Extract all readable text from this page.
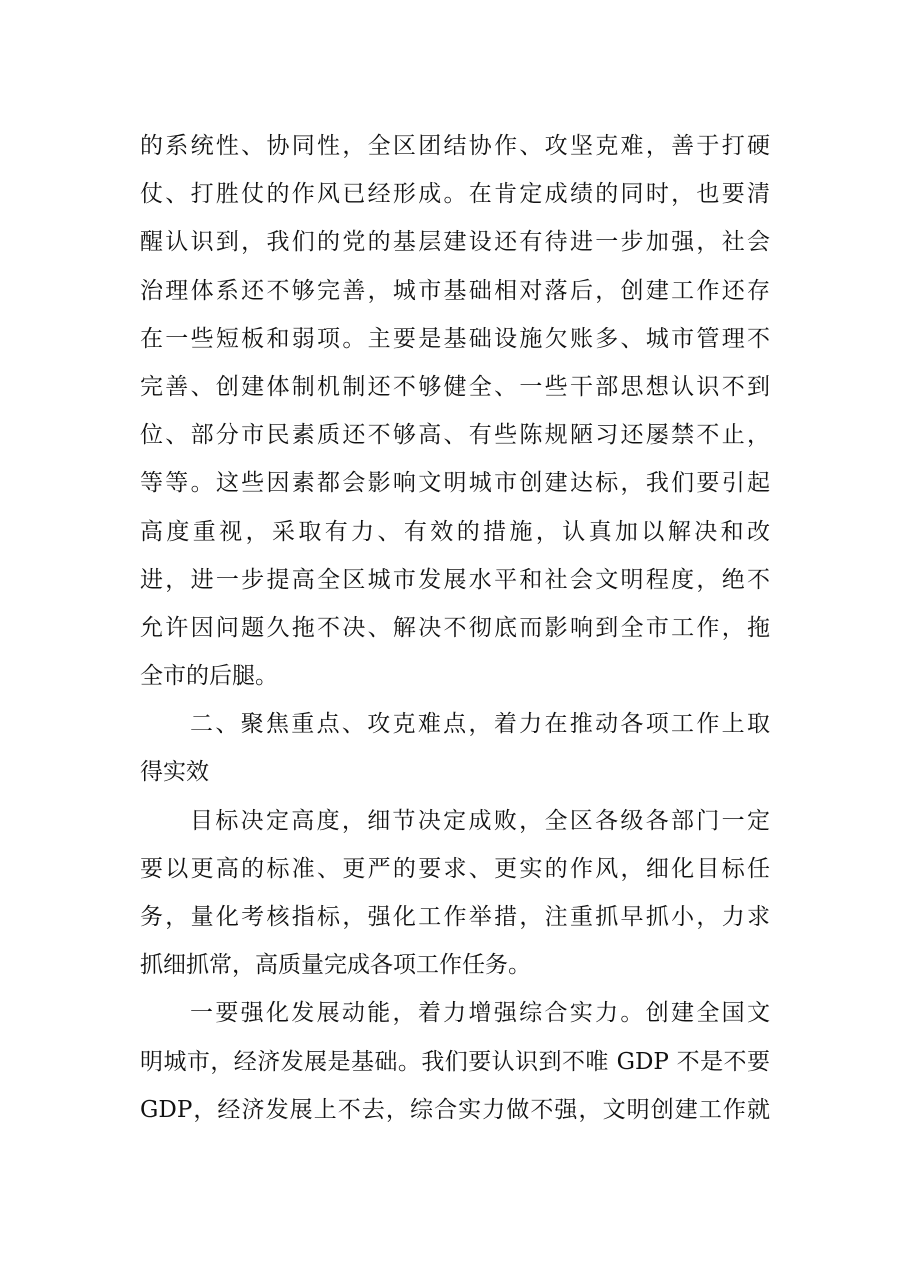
的系统性、协同性，全区团结协作、攻坚克难，善于打硬
仗、打胜仗的作风已经形成。在肯定成绩的同时，也要清
醒认识到，我们的党的基层建设还有待进一步加强，社会
治理体系还不够完善，城市基础相对落后，创建工作还存
在一些短板和弱项。主要是基础设施欠账多、城市管理不
完善、创建体制机制还不够健全、一些干部思想认识不到
位、部分市民素质还不够高、有些陈规陋习还屡禁不止，
等等。这些因素都会影响文明城市创建达标，我们要引起
高度重视，采取有力、有效的措施，认真加以解决和改
进，进一步提高全区城市发展水平和社会文明程度，绝不
允许因问题久拖不决、解决不彻底而影响到全市工作，拖
全市的后腿。
二、聚焦重点、攻克难点，着力在推动各项工作上取
得实效
目标决定高度，细节决定成败，全区各级各部门一定
要以更高的标准、更严的要求、更实的作风，细化目标任
务，量化考核指标，强化工作举措，注重抓早抓小，力求
抓细抓常，高质量完成各项工作任务。
一要强化发展动能，着力增强综合实力。创建全国文
明城市，经济发展是基础。我们要认识到不唯 GDP 不是不要
GDP，经济发展上不去，综合实力做不强，文明创建工作就
